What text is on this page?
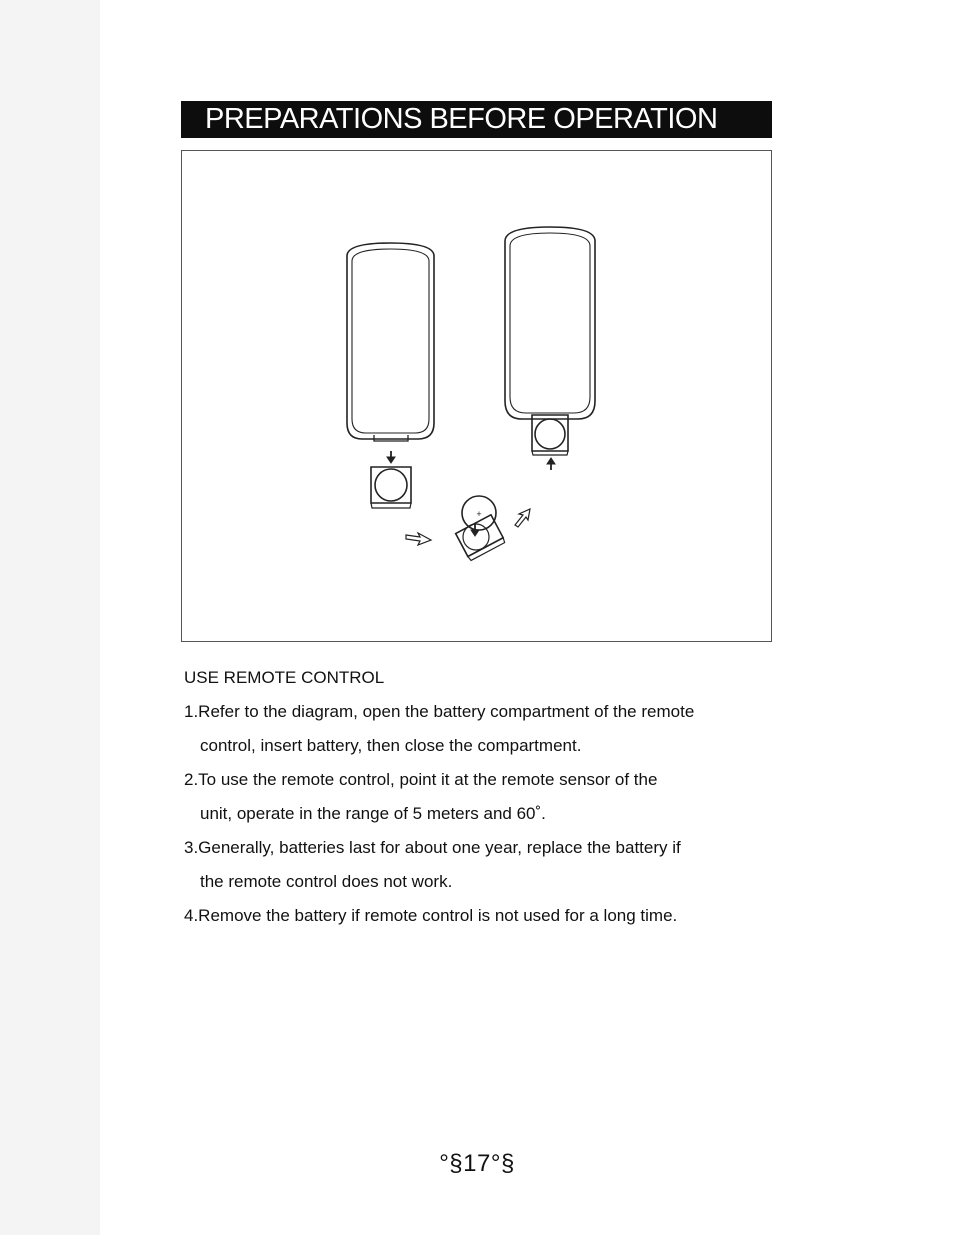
PREPARATIONS BEFORE OPERATION
+

USE REMOTE CONTROL

1.Refer to the diagram, open the battery compartment of the remote

control, insert battery, then close the compartment.

2.To use the remote control, point it at the remote sensor of the

unit, operate in the range of 5 meters and 60˚.

3.Generally, batteries last for about one year, replace the battery if

the remote control does not work.

4.Remove the battery if remote control is not used for a long time.

°§17°§
